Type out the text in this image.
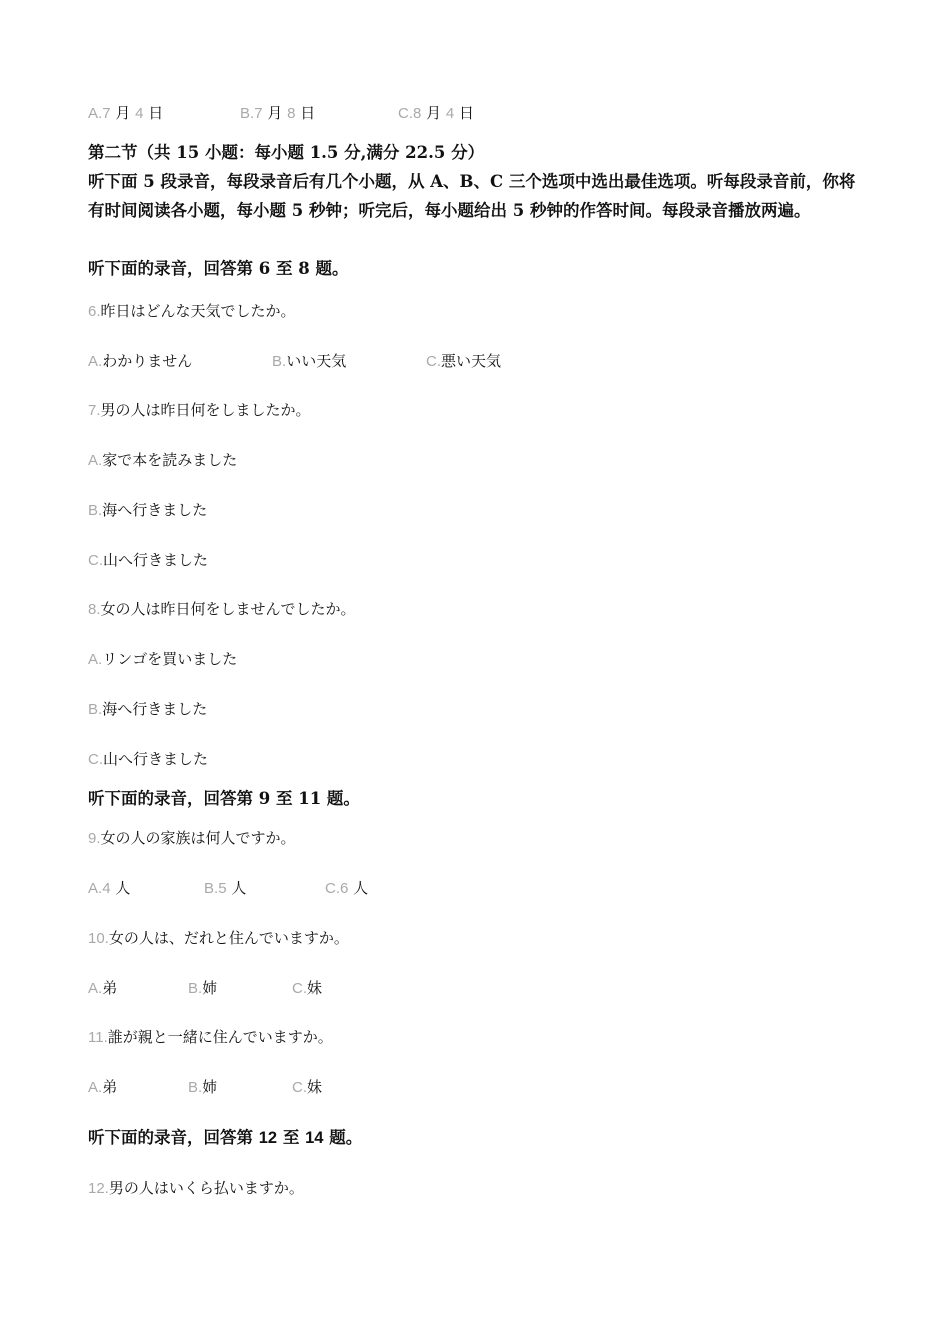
A.7 月 4 日	B.7 月 8 日	C.8 月 4 日
第二节（共 15 小题：每小题 1.5 分,满分 22.5 分）
听下面 5 段录音，每段录音后有几个小题，从 A、B、C 三个选项中选出最佳选项。听每段录音前，你将有时间阅读各小题，每小题 5 秒钟；听完后，每小题给出 5 秒钟的作答时间。每段录音播放两遍。
听下面的录音，回答第 6 至 8 题。
6.昨日はどんな天気でしたか。
A.わかりません	B.いい天気	C.悪い天気
7.男の人は昨日何をしましたか。
A.家で本を読みました
B.海へ行きました
C.山へ行きました
8.女の人は昨日何をしませんでしたか。
A.リンゴを買いました
B.海へ行きました
C.山へ行きました
听下面的录音，回答第 9 至 11 题。
9.女の人の家族は何人ですか。
A.4 人	B.5 人	C.6 人
10.女の人は、だれと住んでいますか。
A.弟	B.姉	C.妹
11.誰が親と一緒に住んでいますか。
A.弟	B.姉	C.妹
听下面的录音，回答第 12 至 14 题。
12.男の人はいくら払いますか。
